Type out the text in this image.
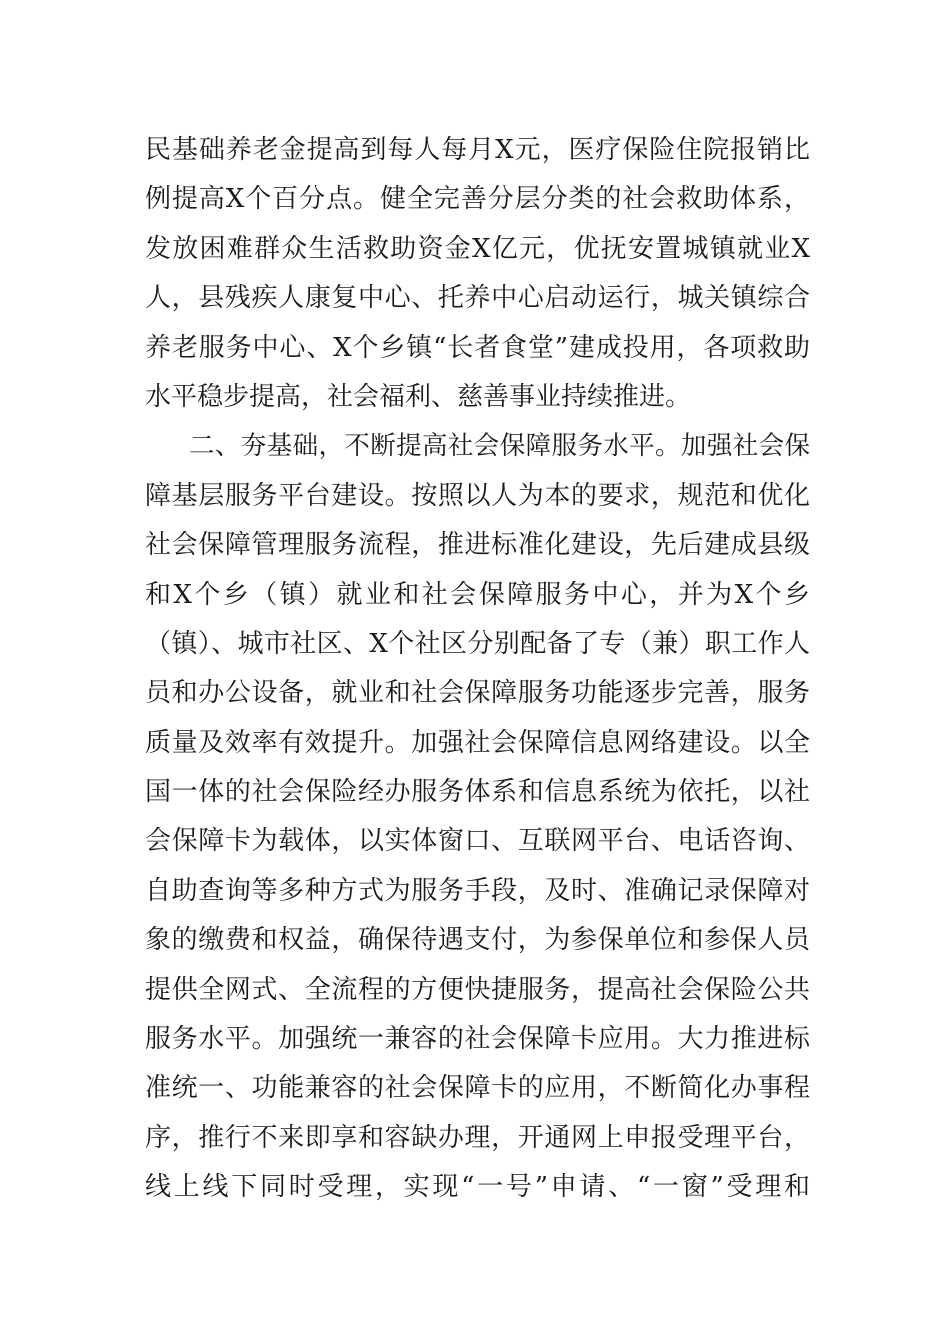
民基础养老金提高到每人每月X元，医疗保险住院报销比
例提高X个百分点。健全完善分层分类的社会救助体系，
发放困难群众生活救助资金X亿元，优抚安置城镇就业X
人，县残疾人康复中心、托养中心启动运行，城关镇综合
养老服务中心、X个乡镇“长者食堂”建成投用，各项救助
水平稳步提高，社会福利、慈善事业持续推进。
二、夯基础，不断提高社会保障服务水平。加强社会保
障基层服务平台建设。按照以人为本的要求，规范和优化
社会保障管理服务流程，推进标准化建设，先后建成县级
和X个乡（镇）就业和社会保障服务中心，并为X个乡
（镇）、城市社区、X个社区分别配备了专（兼）职工作人
员和办公设备，就业和社会保障服务功能逐步完善，服务
质量及效率有效提升。加强社会保障信息网络建设。以全
国一体的社会保险经办服务体系和信息系统为依托，以社
会保障卡为载体，以实体窗口、互联网平台、电话咨询、
自助查询等多种方式为服务手段，及时、准确记录保障对
象的缴费和权益，确保待遇支付，为参保单位和参保人员
提供全网式、全流程的方便快捷服务，提高社会保险公共
服务水平。加强统一兼容的社会保障卡应用。大力推进标
准统一、功能兼容的社会保障卡的应用，不断简化办事程
序，推行不来即享和容缺办理，开通网上申报受理平台，
线上线下同时受理，实现“一号”申请、“一窗”受理和
